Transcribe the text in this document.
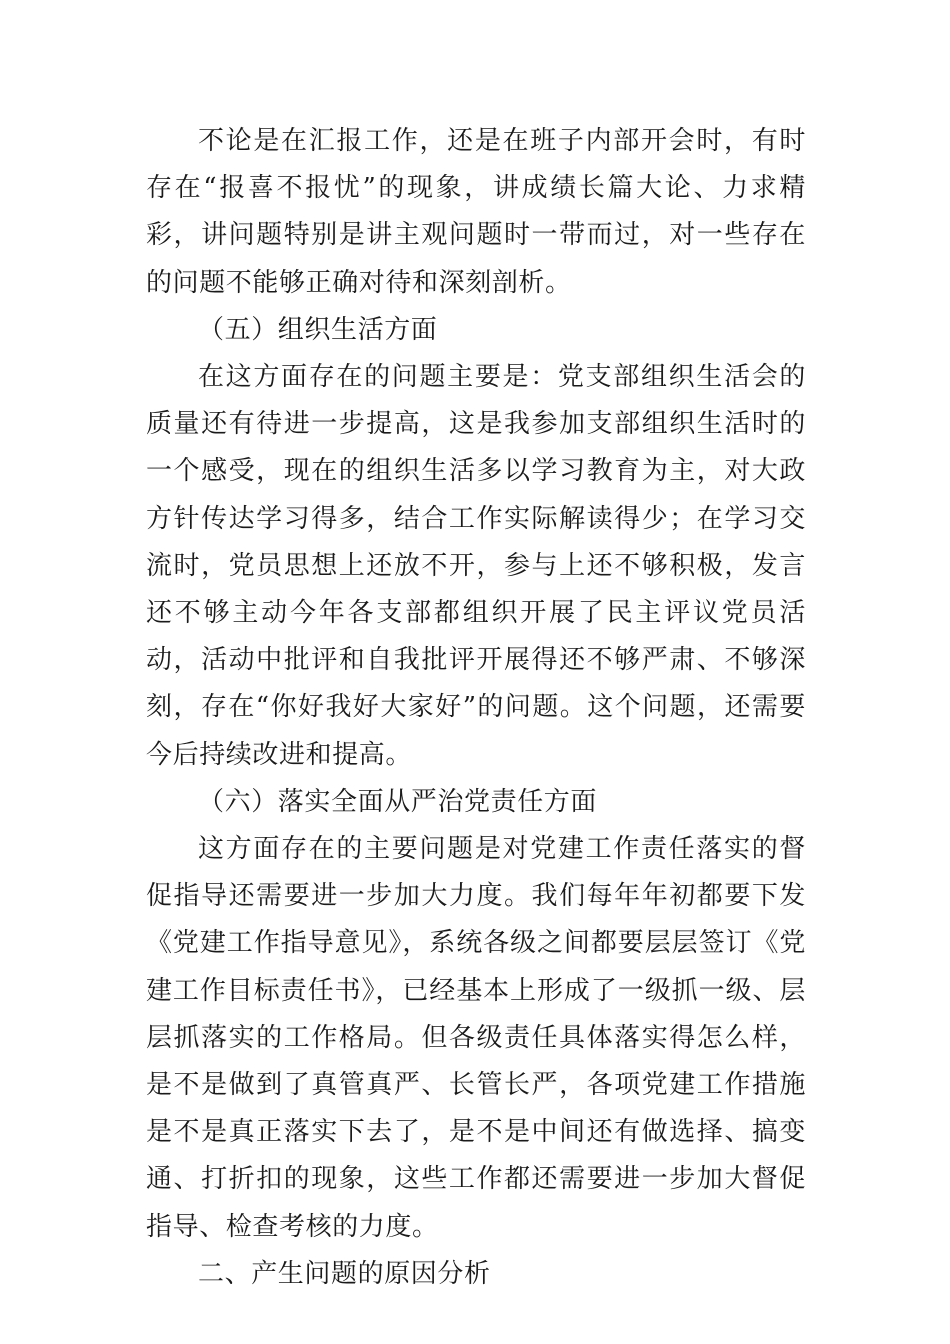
不论是在汇报工作，还是在班子内部开会时，有时存在“报喜不报忧”的现象，讲成绩长篇大论、力求精彩，讲问题特别是讲主观问题时一带而过，对一些存在的问题不能够正确对待和深刻剖析。

（五）组织生活方面

在这方面存在的问题主要是：党支部组织生活会的质量还有待进一步提高，这是我参加支部组织生活时的一个感受，现在的组织生活多以学习教育为主，对大政方针传达学习得多，结合工作实际解读得少；在学习交流时，党员思想上还放不开，参与上还不够积极，发言还不够主动今年各支部都组织开展了民主评议党员活动，活动中批评和自我批评开展得还不够严肃、不够深刻，存在“你好我好大家好”的问题。这个问题，还需要今后持续改进和提高。

（六）落实全面从严治党责任方面

这方面存在的主要问题是对党建工作责任落实的督促指导还需要进一步加大力度。我们每年年初都要下发《党建工作指导意见》，系统各级之间都要层层签订《党建工作目标责任书》，已经基本上形成了一级抓一级、层层抓落实的工作格局。但各级责任具体落实得怎么样，是不是做到了真管真严、长管长严，各项党建工作措施是不是真正落实下去了，是不是中间还有做选择、搞变通、打折扣的现象，这些工作都还需要进一步加大督促指导、检查考核的力度。

二、产生问题的原因分析
